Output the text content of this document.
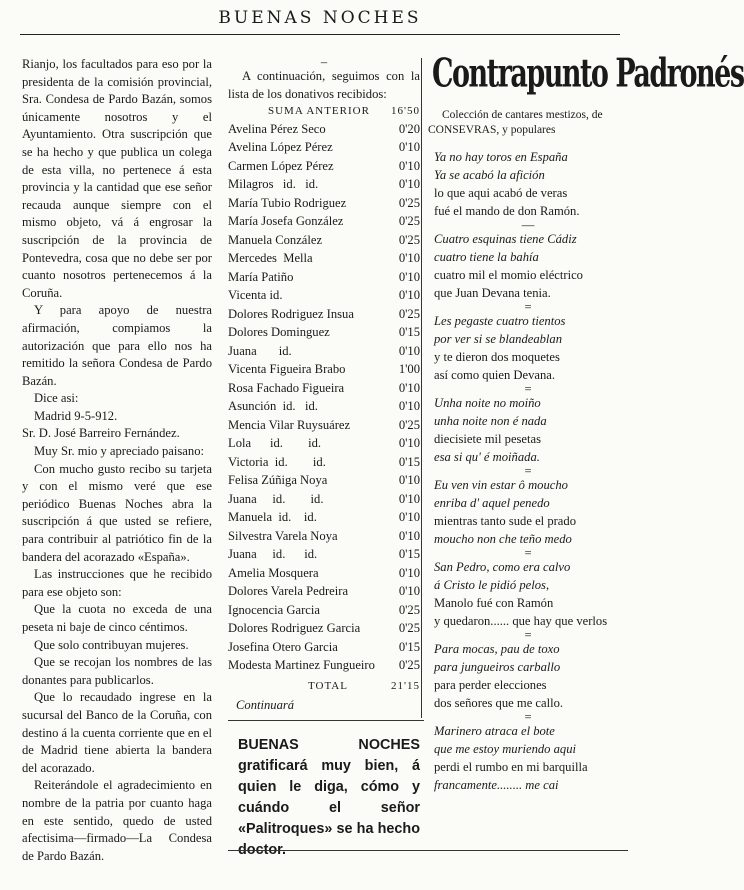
BUENAS NOCHES

Rianjo, los facultados para eso por la presidenta de la comisión provincial, Sra. Condesa de Pardo Bazán, somos únicamente nosotros y el Ayuntamiento. Otra suscripción que se ha hecho y que publica un colega de esta villa, no pertenece á esta provincia y la cantidad que ese señor recauda aunque siempre con el mismo objeto, vá á engrosar la suscripción de la provincia de Pontevedra, cosa que no debe ser por cuanto nosotros pertenecemos á la Coruña.

Y para apoyo de nuestra afirmación, compiamos la autorización que para ello nos ha remitido la señora Condesa de Pardo Bazán.

Dice asi:

Madrid 9-5-912.

Sr. D. José Barreiro Fernández.

Muy Sr. mio y apreciado paisano:

Con mucho gusto recibo su tarjeta y con el mismo veré que ese periódico Buenas Noches abra la suscripción á que usted se refiere, para contribuir al patriótico fin de la bandera del acorazado «España».

Las instrucciones que he recibido para ese objeto son:

Que la cuota no exceda de una peseta ni baje de cinco céntimos.

Que solo contribuyan mujeres.

Que se recojan los nombres de las donantes para publicarlos.

Que lo recaudado ingrese en la sucursal del Banco de la Coruña, con destino á la cuenta corriente que en el de Madrid tiene abierta la bandera del acorazado.

Reiterándole el agradecimiento en nombre de la patria por cuanto haga en este sentido, quedo de usted afectisima—firmado—La Condesa de Pardo Bazán.

–

A continuación, seguimos con la lista de los donativos recibidos:

SUMA ANTERIOR 16'50
Avelina Pérez Seco	0'20
Avelina López Pérez	0'10
Carmen López Pérez	0'10
Milagros   id.   id.	0'10
María Tubio Rodriguez	0'25
María Josefa González	0'25
Manuela Conzález	0'25
Mercedes  Mella	0'10
María Patiño	0'10
Vicenta id.	0'10
Dolores Rodriguez Insua	0'25
Dolores Dominguez	0'15
Juana       id.	0'10
Vicenta Figueira Brabo	1'00
Rosa Fachado Figueira	0'10
Asunción  id.   id.	0'10
Mencia Vilar Ruysuárez	0'25
Lola      id.        id.	0'10
Victoria  id.        id.	0'15
Felisa Zúñiga Noya	0'10
Juana     id.        id.	0'10
Manuela  id.    id.	0'10
Silvestra Varela Noya	0'10
Juana     id.      id.	0'15
Amelia Mosquera	0'10
Dolores Varela Pedreira	0'10
Ignocencia Garcia	0'25
Dolores Rodriguez Garcia	0'25
Josefina Otero Garcia	0'15
Modesta Martinez Fungueiro 0'25
TOTAL	21'15
Continuará
BUENAS NOCHES gratificará muy bien, á quien le diga, cómo y cuándo el señor «Palitroques» se ha hecho doctor.
Contrapunto Padronés

Colección de cantares mestizos, de CONSEVRAS, y populares

Ya no hay toros en España
Ya se acabó la afición
lo que aqui acabó de veras
fué el mando de don Ramón.
—
Cuatro esquinas tiene Cádiz
cuatro tiene la bahía
cuatro mil el momio eléctrico
que Juan Devana tenia.
=
Les pegaste cuatro tientos
por ver si se blandeablan
y te dieron dos moquetes
así como quien Devana.
=
Unha noite no moiño
unha noite non é nada
diecisiete mil pesetas
esa si qu' é moiñada.
=
Eu ven vin estar ô moucho
enriba d' aquel penedo
mientras tanto sude el prado
moucho non che teño medo
=
San Pedro, como era calvo
á Cristo le pidió pelos,
Manolo fué con Ramón
y quedaron...... que hay que verlos
=
Para mocas, pau de toxo
para jungueiros carballo
para perder elecciones
dos señores que me callo.
=
Marinero atraca el bote
que me estoy muriendo aqui
perdi el rumbo en mi barquilla
francamente........ me cai
